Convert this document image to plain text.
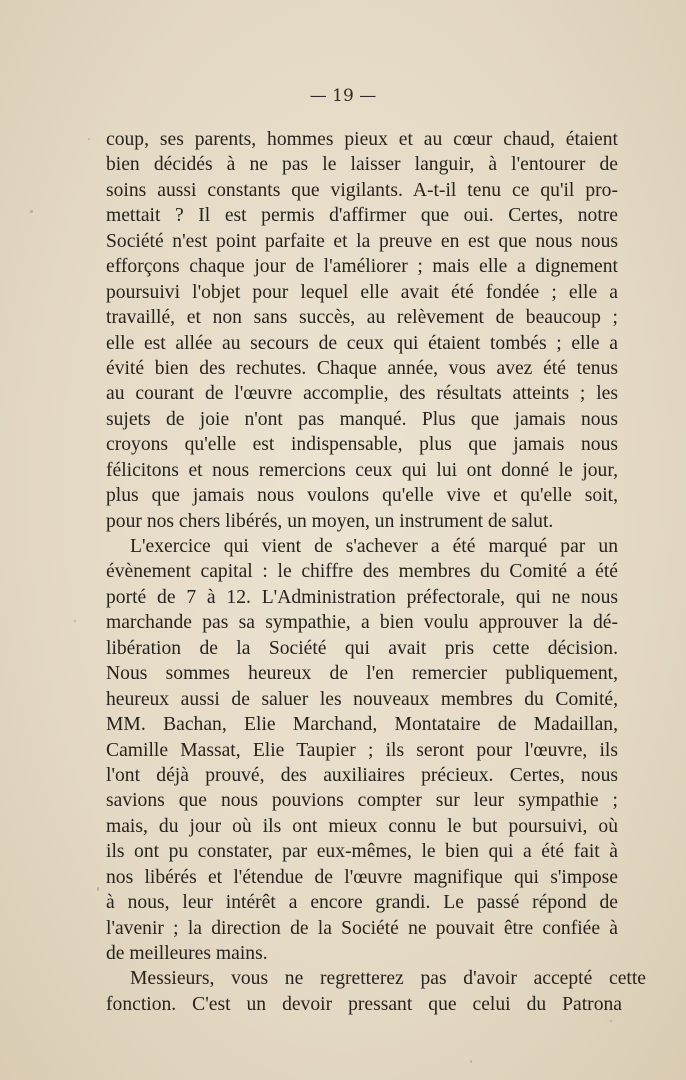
— 19 —
coup, ses parents, hommes pieux et au cœur chaud, étaient
bien décidés à ne pas le laisser languir, à l'entourer de
soins aussi constants que vigilants. A-t-il tenu ce qu'il pro-
mettait ? Il est permis d'affirmer que oui. Certes, notre
Société n'est point parfaite et la preuve en est que nous nous
efforçons chaque jour de l'améliorer ; mais elle a dignement
poursuivi l'objet pour lequel elle avait été fondée ; elle a
travaillé, et non sans succès, au relèvement de beaucoup ;
elle est allée au secours de ceux qui étaient tombés ; elle a
évité bien des rechutes. Chaque année, vous avez été tenus
au courant de l'œuvre accomplie, des résultats atteints ; les
sujets de joie n'ont pas manqué. Plus que jamais nous
croyons qu'elle est indispensable, plus que jamais nous
félicitons et nous remercions ceux qui lui ont donné le jour,
plus que jamais nous voulons qu'elle vive et qu'elle soit,
pour nos chers libérés, un moyen, un instrument de salut.
L'exercice qui vient de s'achever a été marqué par un
évènement capital : le chiffre des membres du Comité a été
porté de 7 à 12. L'Administration préfectorale, qui ne nous
marchande pas sa sympathie, a bien voulu approuver la dé-
libération de la Société qui avait pris cette décision.
Nous sommes heureux de l'en remercier publiquement,
heureux aussi de saluer les nouveaux membres du Comité,
MM. Bachan, Elie Marchand, Montataire de Madaillan,
Camille Massat, Elie Taupier ; ils seront pour l'œuvre, ils
l'ont déjà prouvé, des auxiliaires précieux. Certes, nous
savions que nous pouvions compter sur leur sympathie ;
mais, du jour où ils ont mieux connu le but poursuivi, où
ils ont pu constater, par eux-mêmes, le bien qui a été fait à
nos libérés et l'étendue de l'œuvre magnifique qui s'impose
à nous, leur intérêt a encore grandi. Le passé répond de
l'avenir ; la direction de la Société ne pouvait être confiée à
de meilleures mains.
Messieurs, vous ne regretterez pas d'avoir accepté cette
fonction. C'est un devoir pressant que celui du Patrona
